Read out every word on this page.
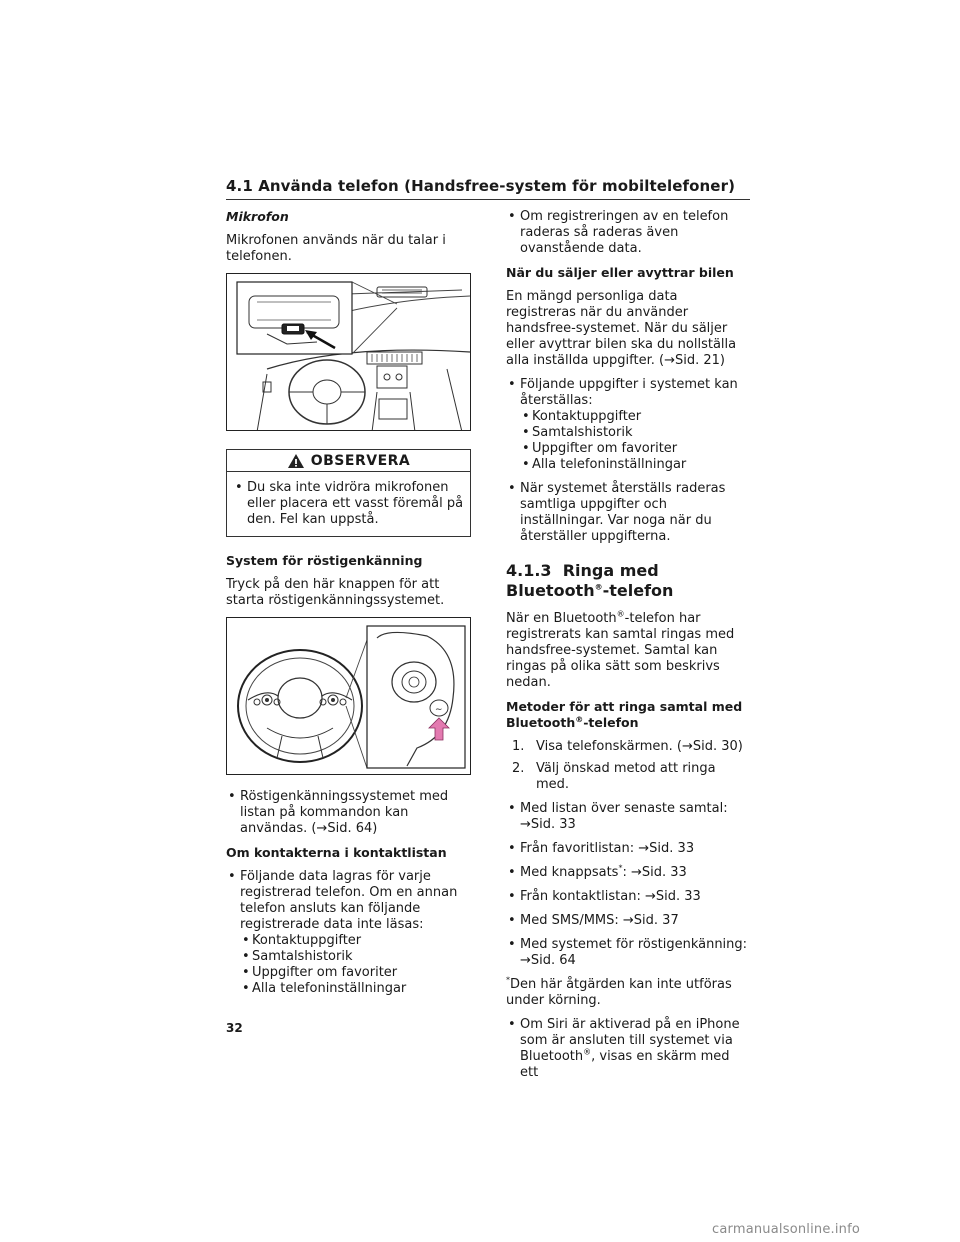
4.1 Använda telefon (Handsfree-system för mobiltelefoner)
Mikrofon

Mikrofonen används när du talar i telefonen.

OBSERVERA
• Du ska inte vidröra mikrofonen eller placera ett vasst föremål på den. Fel kan uppstå.
System för röstigenkänning

Tryck på den här knappen för att starta röstigenkänningssystemet.

∼
• Röstigenkänningssystemet med listan på kommandon kan användas. (→Sid. 64)
Om kontakterna i kontaktlistan
• Följande data lagras för varje registrerad telefon. Om en annan telefon ansluts kan följande registrerade data inte läsas:
• Kontaktuppgifter
• Samtalshistorik
• Uppgifter om favoriter
• Alla telefoninställningar
• Om registreringen av en telefon raderas så raderas även ovanstående data.
När du säljer eller avyttrar bilen

En mängd personliga data registreras när du använder handsfree-systemet. När du säljer eller avyttrar bilen ska du nollställa alla inställda uppgifter. (→Sid. 21)

• Följande uppgifter i systemet kan återställas:
• Kontaktuppgifter
• Samtalshistorik
• Uppgifter om favoriter
• Alla telefoninställningar
• När systemet återställs raderas samtliga uppgifter och inställningar. Var noga när du återställer uppgifterna.
4.1.3 Ringa med
Bluetooth®-telefon

När en Bluetooth®-telefon har registrerats kan samtal ringas med handsfree-systemet. Samtal kan ringas på olika sätt som beskrivs nedan.

Metoder för att ringa samtal med
Bluetooth®-telefon
1. Visa telefonskärmen. (→Sid. 30)
2. Välj önskad metod att ringa med.
• Med listan över senaste samtal: →Sid. 33
• Från favoritlistan: →Sid. 33
• Med knappsats*: →Sid. 33
• Från kontaktlistan: →Sid. 33
• Med SMS/MMS: →Sid. 37
• Med systemet för röstigenkänning: →Sid. 64

*Den här åtgärden kan inte utföras under körning.

• Om Siri är aktiverad på en iPhone som är ansluten till systemet via Bluetooth®, visas en skärm med ett
32
carmanualsonline.info
